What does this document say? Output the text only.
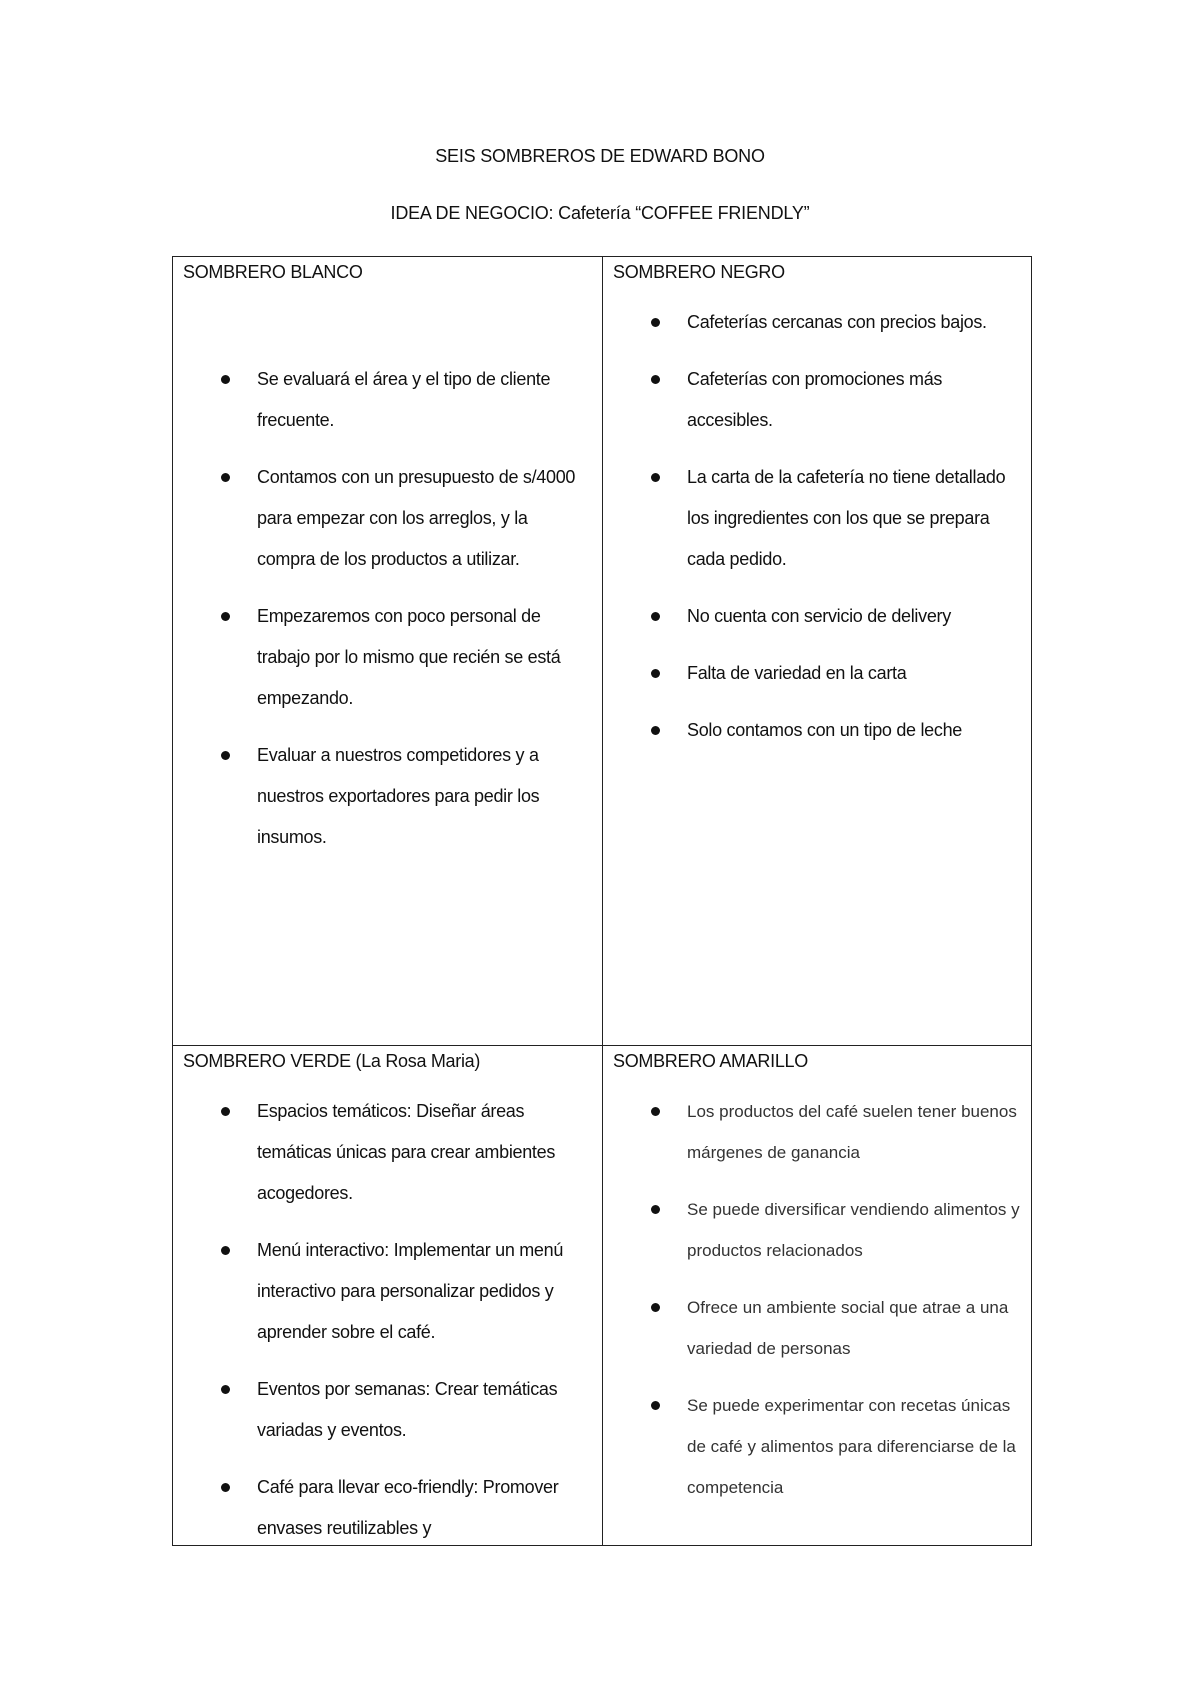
SEIS SOMBREROS DE EDWARD BONO
IDEA DE NEGOCIO: Cafetería “COFFEE FRIENDLY”
SOMBRERO BLANCO
Se evaluará el área y el tipo de cliente frecuente.
Contamos con un presupuesto de s/4000 para empezar con los arreglos, y la compra de los productos a utilizar.
Empezaremos con poco personal de trabajo por lo mismo que recién se está empezando.
Evaluar a nuestros competidores y a nuestros exportadores para pedir los insumos.
SOMBRERO NEGRO
Cafeterías cercanas con precios bajos.
Cafeterías con promociones más accesibles.
La carta de la cafetería no tiene detallado los ingredientes con los que se prepara cada pedido.
No cuenta con servicio de delivery
Falta de variedad en la carta
Solo contamos con un tipo de leche
SOMBRERO VERDE (La Rosa Maria)
Espacios temáticos: Diseñar áreas temáticas únicas para crear ambientes acogedores.
Menú interactivo: Implementar un menú interactivo para personalizar pedidos y aprender sobre el café.
Eventos por semanas: Crear temáticas variadas y eventos.
Café para llevar eco-friendly: Promover envases reutilizables y
SOMBRERO AMARILLO
Los productos del café suelen tener buenos márgenes de ganancia
Se puede diversificar vendiendo alimentos y productos relacionados
Ofrece un ambiente social que atrae a una variedad de personas
Se puede experimentar con recetas únicas de café y alimentos para diferenciarse de la competencia
